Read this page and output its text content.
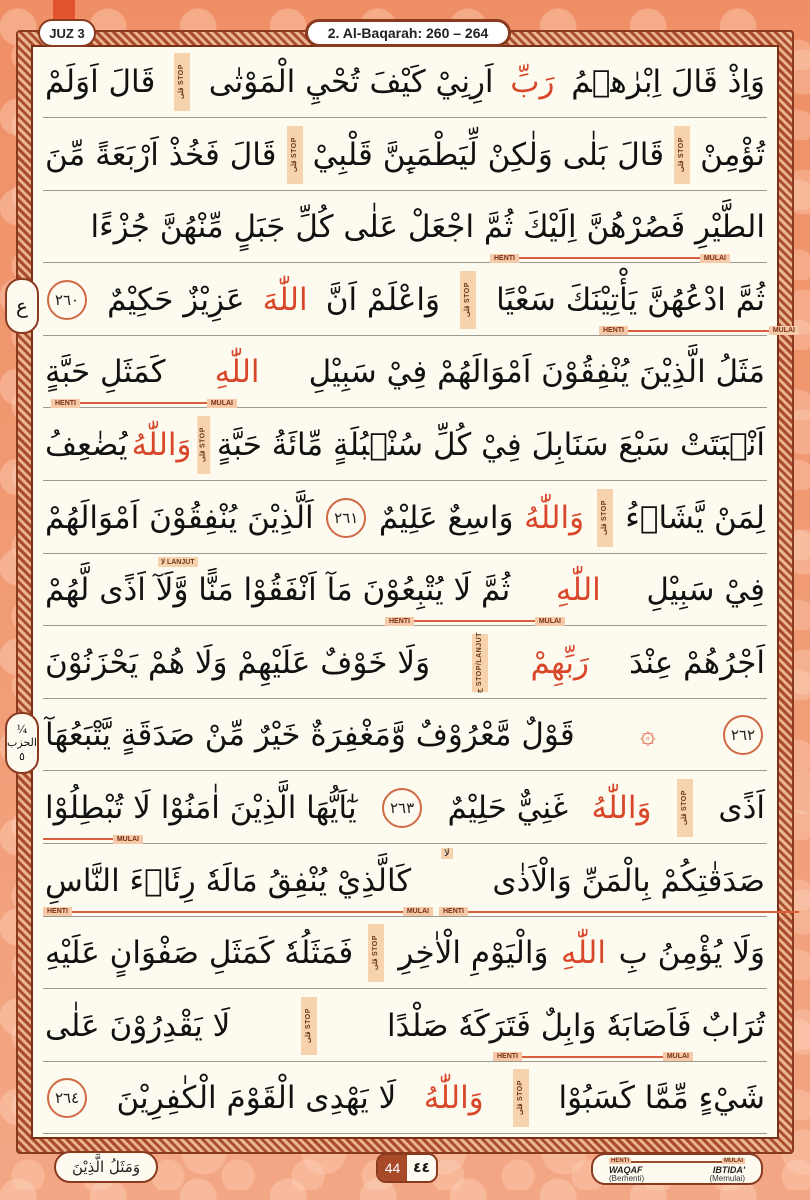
JUZ 3	2. Al-Baqarah: 260 – 264
ع
¼
الحزب
٥
وَاِذْ قَالَ اِبْرٰهٖمُ
رَبِّ
اَرِنِيْ كَيْفَ تُحْيِ الْمَوْتٰى
STOP قلى
قَالَ اَوَلَمْ
تُؤْمِنْ
STOP قلى
قَالَ بَلٰى وَلٰكِنْ لِّيَطْمَىِٕنَّ قَلْبِيْ
STOP قلى
قَالَ فَخُذْ اَرْبَعَةً مِّنَ
الطَّيْرِ فَصُرْهُنَّ اِلَيْكَ ثُمَّ اجْعَلْ عَلٰى كُلِّ جَبَلٍ مِّنْهُنَّ جُزْءًا
ثُمَّ ادْعُهُنَّ يَأْتِيْنَكَ سَعْيًا
STOP قلى
وَاعْلَمْ اَنَّ
اللّٰهَ
عَزِيْزٌ حَكِيْمٌ
٢٦٠
مَثَلُ الَّذِيْنَ يُنْفِقُوْنَ اَمْوَالَهُمْ فِيْ سَبِيْلِ
اللّٰهِ
كَمَثَلِ حَبَّةٍ
اَنْۢبَتَتْ سَبْعَ سَنَابِلَ فِيْ كُلِّ سُنْۢبُلَةٍ مِّائَةُ حَبَّةٍ
STOP قلى
وَاللّٰهُ
يُضٰعِفُ
لِمَنْ يَّشَاۤءُ
STOP قلى
وَاللّٰهُ
وَاسِعٌ عَلِيْمٌ
٢٦١
اَلَّذِيْنَ يُنْفِقُوْنَ اَمْوَالَهُمْ
فِيْ سَبِيْلِ
اللّٰهِ
ثُمَّ لَا يُتْبِعُوْنَ مَآ اَنْفَقُوْا مَنًّا وَّلَآ اَذًى لَّهُمْ
اَجْرُهُمْ عِنْدَ
رَبِّهِمْ
STOP/LANJUT ج
وَلَا خَوْفٌ عَلَيْهِمْ وَلَا هُمْ يَحْزَنُوْنَ
٢٦٢
۞
قَوْلٌ مَّعْرُوْفٌ وَّمَغْفِرَةٌ خَيْرٌ مِّنْ صَدَقَةٍ يَّتْبَعُهَآ
اَذًى
STOP قلى
وَاللّٰهُ
غَنِيٌّ حَلِيْمٌ
٢٦٣
يٰٓاَيُّهَا الَّذِيْنَ اٰمَنُوْا لَا تُبْطِلُوْا
صَدَقٰتِكُمْ بِالْمَنِّ وَالْاَذٰى
كَالَّذِيْ يُنْفِقُ مَالَهٗ رِئَاۤءَ النَّاسِ
وَلَا يُؤْمِنُ بِ
اللّٰهِ
وَالْيَوْمِ الْاٰخِرِ
STOP قلى
فَمَثَلُهٗ كَمَثَلِ صَفْوَانٍ عَلَيْهِ
تُرَابٌ فَاَصَابَهٗ وَابِلٌ فَتَرَكَهٗ صَلْدًا
STOP قلى
لَا يَقْدِرُوْنَ عَلٰى
شَيْءٍ مِّمَّا كَسَبُوْا
STOP قلى
وَاللّٰهُ
لَا يَهْدِى الْقَوْمَ الْكٰفِرِيْنَ
٢٦٤
HENTI	MULAI
HENTI	MULAI
HENTI	MULAI
HENTI	MULAI
MULAI
HENTI	MULAI	HENTI
HENTI	MULAI
لا LANJUT
لا
وَمَثَلُ الَّذِيْنَ	44 ٤٤	HENTI	MULAI
WAQAF
(Berhenti)
IBTIDA'
(Memulai)
